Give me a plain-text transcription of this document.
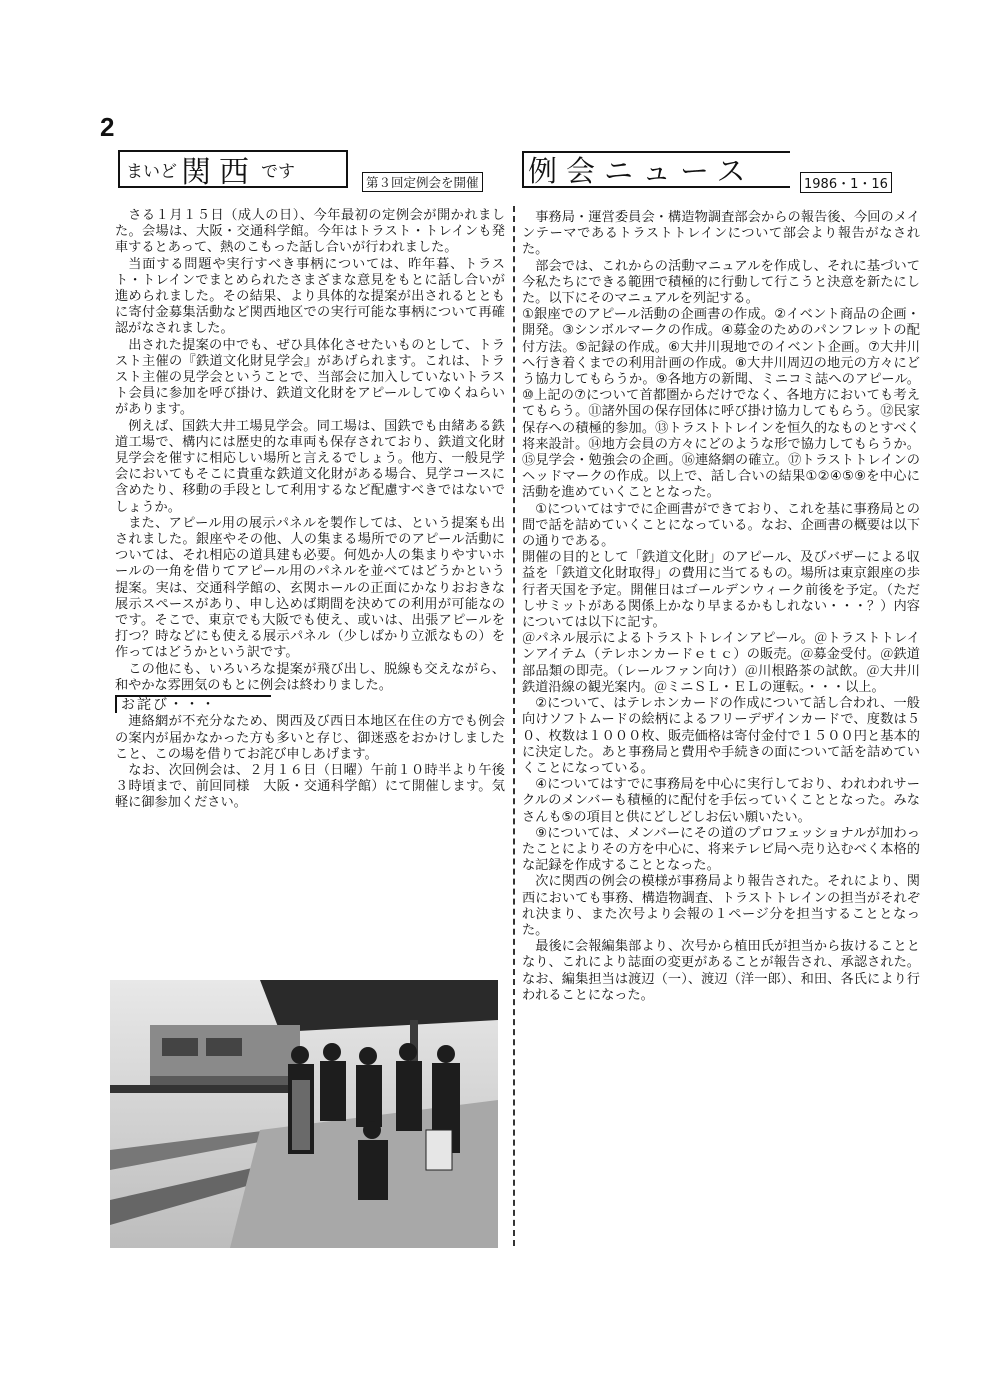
2
まいど 関西 です
第３回定例会を開催 例会ニュース	1986・1・16

さる１月１５日（成人の日）、今年最初の定例会が開かれました。会場は、大阪・交通科学館。今年はトラスト・トレインも発車するとあって、熱のこもった話し合いが行われました。

当面する問題や実行すべき事柄については、昨年暮、トラスト・トレインでまとめられたさまざまな意見をもとに話し合いが進められました。その結果、より具体的な提案が出されるとともに寄付金募集活動など関西地区での実行可能な事柄について再確認がなされました。

出された提案の中でも、ぜひ具体化させたいものとして、トラスト主催の『鉄道文化財見学会』があげられます。これは、トラスト主催の見学会ということで、当部会に加入していないトラスト会員に参加を呼び掛け、鉄道文化財をアピールしてゆくねらいがあります。

例えば、国鉄大井工場見学会。同工場は、国鉄でも由緒ある鉄道工場で、構内には歴史的な車両も保存されており、鉄道文化財見学会を催すに相応しい場所と言えるでしょう。他方、一般見学会においてもそこに貴重な鉄道文化財がある場合、見学コースに含めたり、移動の手段として利用するなど配慮すべきではないでしょうか。

また、アピール用の展示パネルを製作しては、という提案も出されました。銀座やその他、人の集まる場所でのアピール活動については、それ相応の道具建も必要。何処か人の集まりやすいホールの一角を借りてアピール用のパネルを並べてはどうかという提案。実は、交通科学館の、玄関ホールの正面にかなりおおきな展示スペースがあり、申し込めば期間を決めての利用が可能なのです。そこで、東京でも大阪でも使え、或いは、出張アピールを打つ？時などにも使える展示パネル（少しばかり立派なもの）を作ってはどうかという訳です。

この他にも、いろいろな提案が飛び出し、脱線も交えながら、和やかな雰囲気のもとに例会は終わりました。

お詫び・・・

連絡網が不充分なため、関西及び西日本地区在住の方でも例会の案内が届かなかった方も多いと存じ、御迷惑をおかけしましたこと、この場を借りてお詫び申しあげます。

なお、次回例会は、２月１６日（日曜）午前１０時半より午後３時頃まで、前回同様　大阪・交通科学館）にて開催します。気軽に御参加ください。

事務局・運営委員会・構造物調査部会からの報告後、今回のメインテーマであるトラストトレインについて部会より報告がなされた。

部会では、これからの活動マニュアルを作成し、それに基づいて今私たちにできる範囲で積極的に行動して行こうと決意を新たにした。以下にそのマニュアルを列記する。

①銀座でのアピール活動の企画書の作成。②イベント商品の企画・開発。③シンボルマークの作成。④募金のためのパンフレットの配付方法。⑤記録の作成。⑥大井川現地でのイベント企画。⑦大井川へ行き着くまでの利用計画の作成。⑧大井川周辺の地元の方々にどう協力してもらうか。⑨各地方の新聞、ミニコミ誌へのアピール。⑩上記の⑦について首都圏からだけでなく、各地方においても考えてもらう。⑪諸外国の保存団体に呼び掛け協力してもらう。⑫民家保存への積極的参加。⑬トラストトレインを恒久的なものとすべく将来設計。⑭地方会員の方々にどのような形で協力してもらうか。⑮見学会・勉強会の企画。⑯連絡網の確立。⑰トラストトレインのヘッドマークの作成。以上で、話し合いの結果①②④⑤⑨を中心に活動を進めていくこととなった。

①についてはすでに企画書ができており、これを基に事務局との間で話を詰めていくことになっている。なお、企画書の概要は以下の通りである。

開催の目的として「鉄道文化財」のアピール、及びバザーによる収益を「鉄道文化財取得」の費用に当てるもの。場所は東京銀座の歩行者天国を予定。開催日はゴールデンウィーク前後を予定。（ただしサミットがある関係上かなり早まるかもしれない・・・？）内容については以下に記す。

＠パネル展示によるトラストトレインアピール。＠トラストトレインアイテム（テレホンカードｅｔｃ）の販売。＠募金受付。＠鉄道部品類の即売。（レールファン向け）＠川根路茶の試飲。＠大井川鉄道沿線の観光案内。＠ミニＳＬ・ＥＬの運転。・・・以上。

②について、はテレホンカードの作成について話し合われ、一般向けソフトムードの絵柄によるフリーデザインカードで、度数は５０、枚数は１０００枚、販売価格は寄付金付で１５００円と基本的に決定した。あと事務局と費用や手続きの面について話を詰めていくことになっている。

④についてはすでに事務局を中心に実行しており、われわれサークルのメンバーも積極的に配付を手伝っていくこととなった。みなさんも⑤の項目と供にどしどしお伝い願いたい。

⑨については、メンバーにその道のプロフェッショナルが加わったことによりその方を中心に、将来テレビ局へ売り込むべく本格的な記録を作成することとなった。

次に関西の例会の模様が事務局より報告された。それにより、関西においても事務、構造物調査、トラストトレインの担当がそれぞれ決まり、また次号より会報の１ページ分を担当することとなった。

最後に会報編集部より、次号から植田氏が担当から抜けることとなり、これにより誌面の変更があることが報告され、承認された。なお、編集担当は渡辺（一）、渡辺（洋一郎）、和田、各氏により行われることになった。
